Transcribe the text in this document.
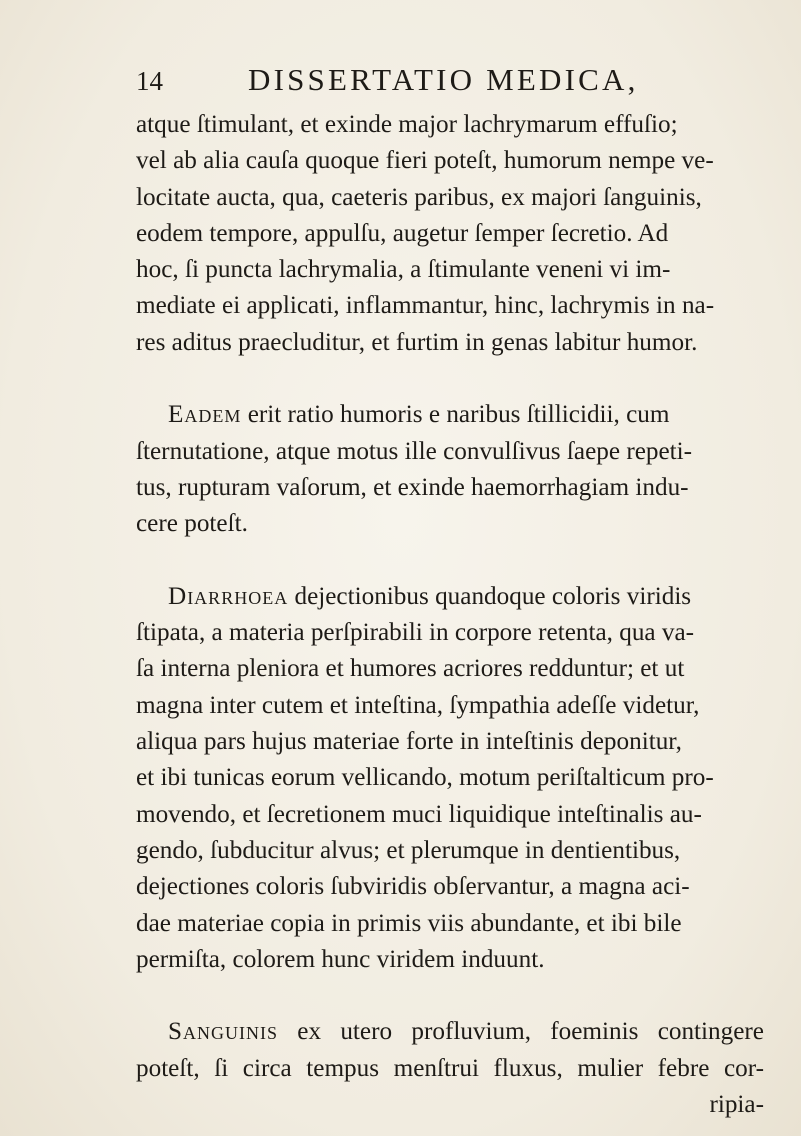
14	DISSERTATIO MEDICA,

atque ſtimulant, et exinde major lachrymarum effuſio;
vel ab alia cauſa quoque fieri poteſt, humorum nempe ve-
locitate aucta, qua, caeteris paribus, ex majori ſanguinis,
eodem tempore, appulſu, augetur ſemper ſecretio. Ad
hoc, ſi puncta lachrymalia, a ſtimulante veneni vi im-
mediate ei applicati, inflammantur, hinc, lachrymis in na-
res aditus praecluditur, et furtim in genas labitur humor.

Eadem erit ratio humoris e naribus ſtillicidii, cum
ſternutatione, atque motus ille convulſivus ſaepe repeti-
tus, rupturam vaſorum, et exinde haemorrhagiam indu-
cere poteſt.

Diarrhoea dejectionibus quandoque coloris viridis
ſtipata, a materia perſpirabili in corpore retenta, qua va-
ſa interna pleniora et humores acriores redduntur; et ut
magna inter cutem et inteſtina, ſympathia adeſſe videtur,
aliqua pars hujus materiae forte in inteſtinis deponitur,
et ibi tunicas eorum vellicando, motum periſtalticum pro-
movendo, et ſecretionem muci liquidique inteſtinalis au-
gendo, ſubducitur alvus; et plerumque in dentientibus,
dejectiones coloris ſubviridis obſervantur, a magna aci-
dae materiae copia in primis viis abundante, et ibi bile
permiſta, colorem hunc viridem induunt.

Sanguinis ex utero profluvium, foeminis contingere
poteſt, ſi circa tempus menſtrui fluxus, mulier febre cor-
ripia-
